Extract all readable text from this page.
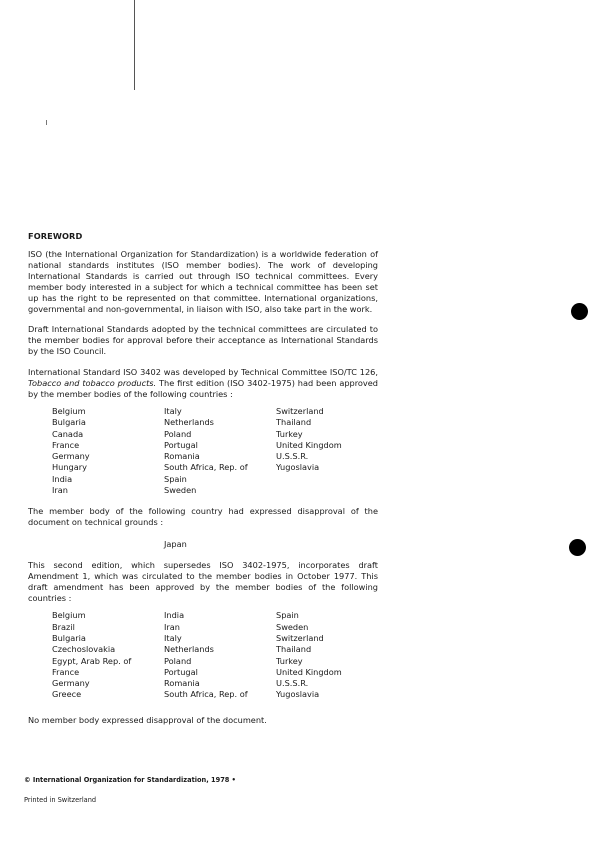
FOREWORD

ISO (the International Organization for Standardization) is a worldwide federation of national standards institutes (ISO member bodies). The work of developing International Standards is carried out through ISO technical committees. Every member body interested in a subject for which a technical committee has been set up has the right to be represented on that committee. International organizations, governmental and non-governmental, in liaison with ISO, also take part in the work.

Draft International Standards adopted by the technical committees are circulated to the member bodies for approval before their acceptance as International Standards by the ISO Council.

International Standard ISO 3402 was developed by Technical Committee ISO/TC 126, Tobacco and tobacco products. The first edition (ISO 3402-1975) had been approved by the member bodies of the following countries :

Belgium
Bulgaria
Canada
France
Germany
Hungary
India
Iran
Italy
Netherlands
Poland
Portugal
Romania
South Africa, Rep. of
Spain
Sweden
Switzerland
Thailand
Turkey
United Kingdom
U.S.S.R.
Yugoslavia

The member body of the following country had expressed disapproval of the document on technical grounds :

Japan

This second edition, which supersedes ISO 3402-1975, incorporates draft Amendment 1, which was circulated to the member bodies in October 1977. This draft amendment has been approved by the member bodies of the following countries :

Belgium
Brazil
Bulgaria
Czechoslovakia
Egypt, Arab Rep. of
France
Germany
Greece
India
Iran
Italy
Netherlands
Poland
Portugal
Romania
South Africa, Rep. of
Spain
Sweden
Switzerland
Thailand
Turkey
United Kingdom
U.S.S.R.
Yugoslavia

No member body expressed disapproval of the document.

© International Organization for Standardization, 1978 •
Printed in Switzerland
